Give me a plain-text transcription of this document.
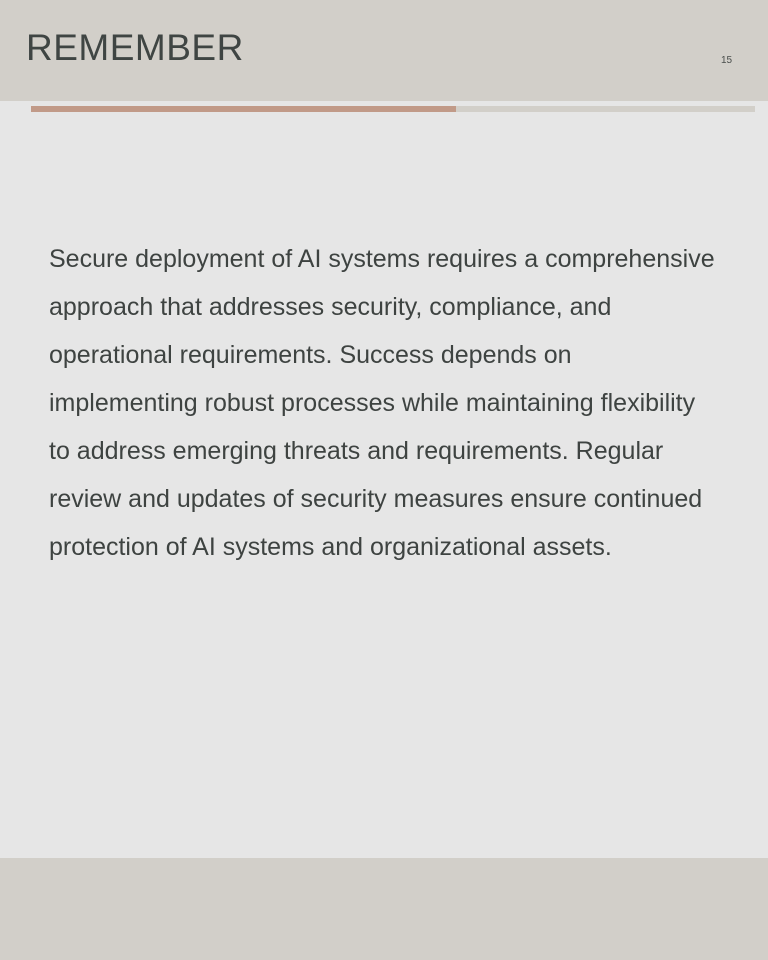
REMEMBER	15

Secure deployment of AI systems requires a comprehensive approach that addresses security, compliance, and operational requirements. Success depends on implementing robust processes while maintaining flexibility to address emerging threats and requirements. Regular review and updates of security measures ensure continued protection of AI systems and organizational assets.
